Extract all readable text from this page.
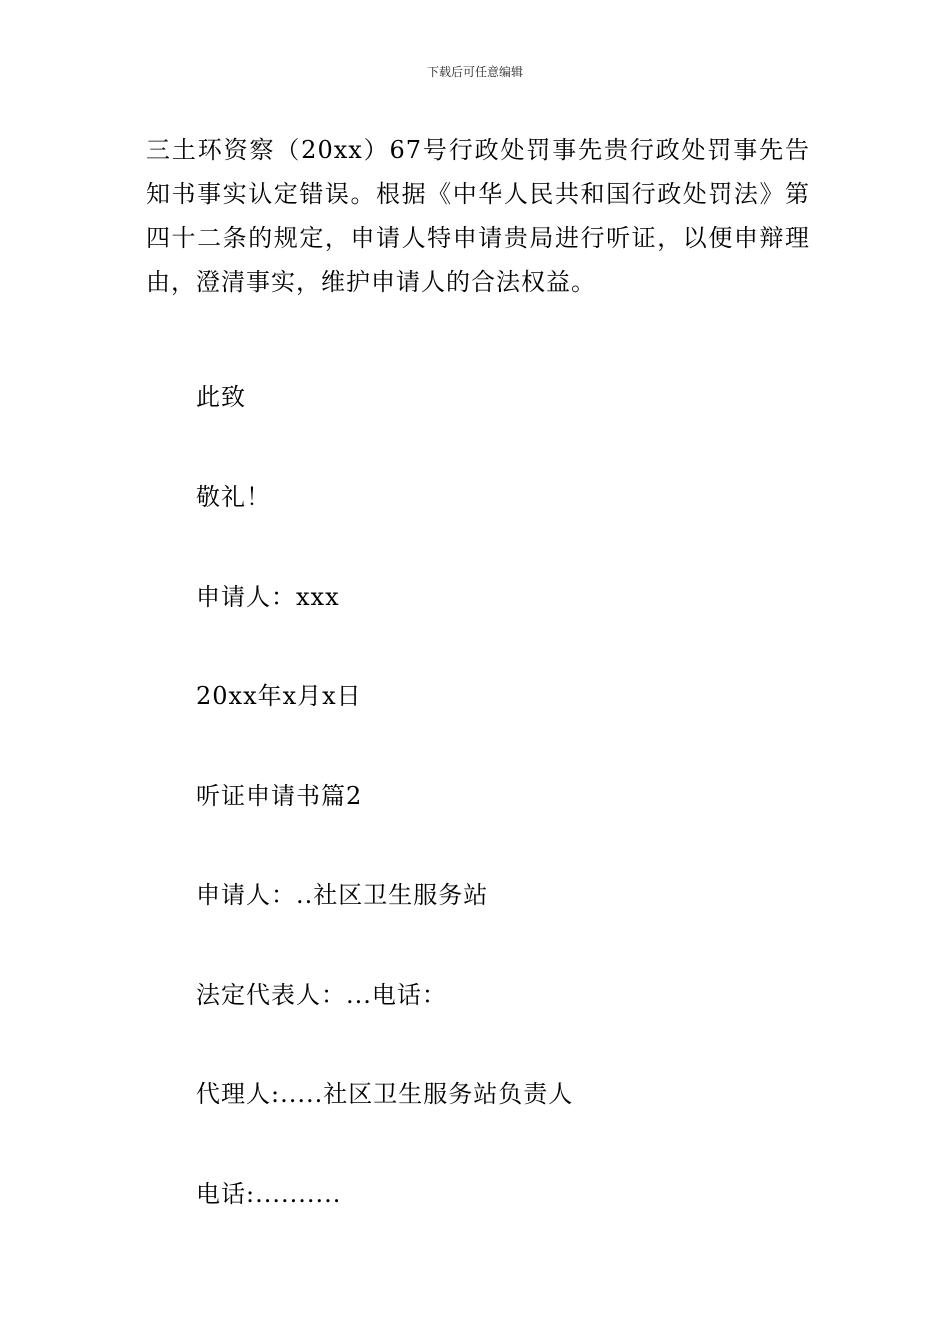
下载后可任意编辑

三土环资察（20xx）67号行政处罚事先贵行政处罚事先告知书事实认定错误。根据《中华人民共和国行政处罚法》第四十二条的规定，申请人特申请贵局进行听证，以便申辩理由，澄清事实，维护申请人的合法权益。

此致

敬礼！

申请人：xxx

20xx年x月x日

听证申请书篇2

申请人：..社区卫生服务站

法定代表人：...电话：

代理人:.....社区卫生服务站负责人

电话:..........
